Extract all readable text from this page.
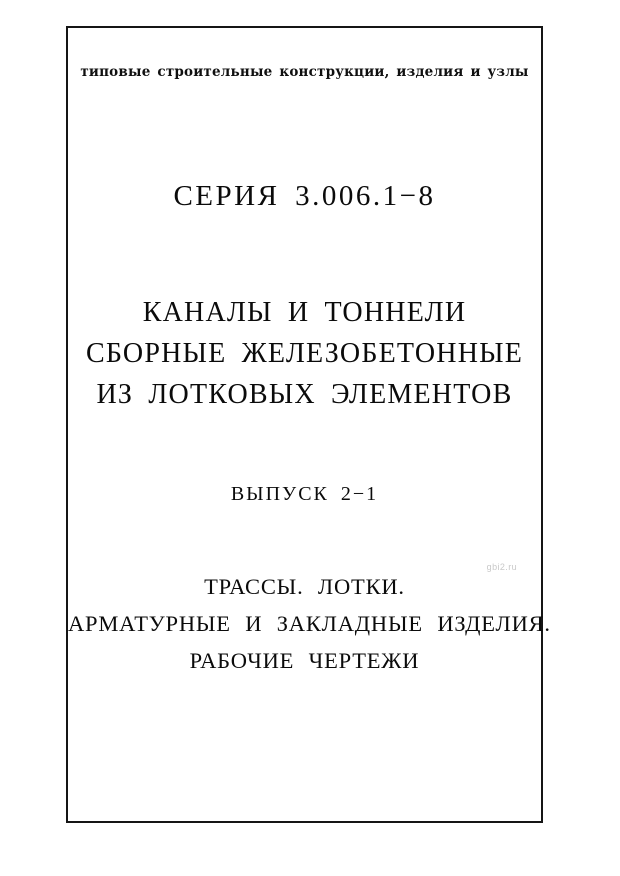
типовые строительные конструкции, изделия и узлы
СЕРИЯ 3.006.1−8
КАНАЛЫ И ТОННЕЛИ
СБОРНЫЕ ЖЕЛЕЗОБЕТОННЫЕ
ИЗ ЛОТКОВЫХ ЭЛЕМЕНТОВ
ВЫПУСК 2−1
ТРАССЫ. ЛОТКИ.
АРМАТУРНЫЕ И ЗАКЛАДНЫЕ ИЗДЕЛИЯ.
РАБОЧИЕ ЧЕРТЕЖИ
gbi2.ru
